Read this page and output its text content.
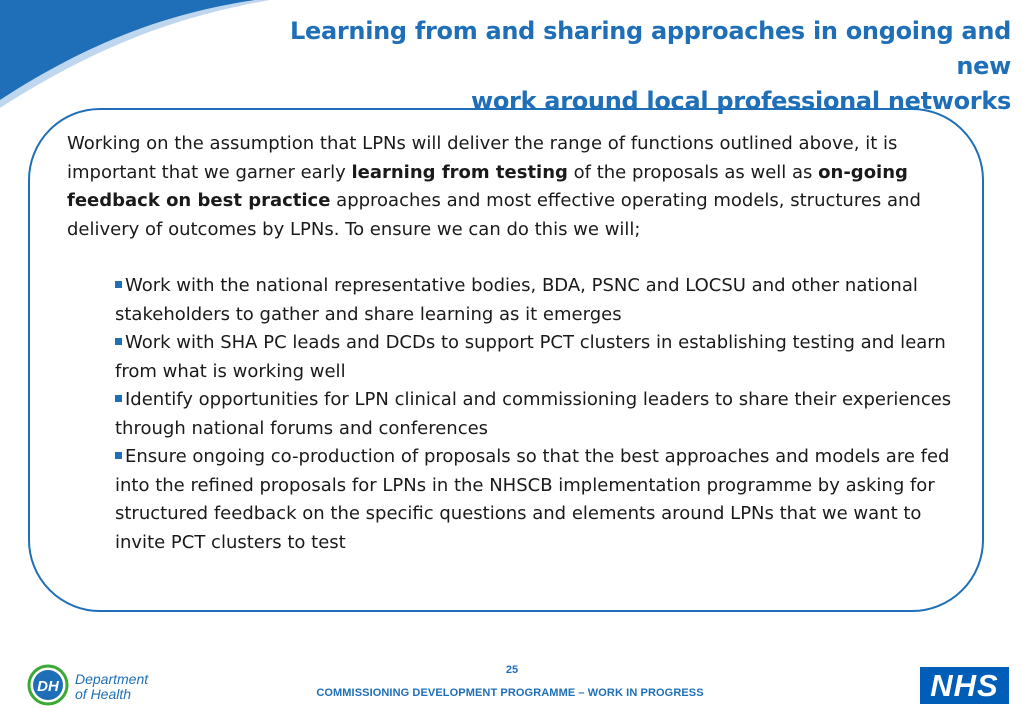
Learning from and sharing approaches in ongoing and new
work around local professional networks

Working on the assumption that LPNs will deliver the range of functions outlined above, it is important that we garner early learning from testing of the proposals as well as on-going feedback on best practice approaches and most effective operating models, structures and delivery of outcomes by LPNs. To ensure we can do this we will;

Work with the national representative bodies, BDA, PSNC and LOCSU and other national stakeholders to gather and share learning as it emerges
Work with SHA PC leads and DCDs to support PCT clusters in establishing testing and learn from what is working well
Identify opportunities for LPN clinical and commissioning leaders to share their experiences through national forums and conferences
Ensure ongoing co-production of proposals so that the best approaches and models are fed into the refined proposals for LPNs in the NHSCB implementation programme by asking for structured feedback on the specific questions and elements around LPNs that we want to invite PCT clusters to test
DH Department
of Health
25
COMMISSIONING DEVELOPMENT PROGRAMME – WORK IN PROGRESS	NHS
